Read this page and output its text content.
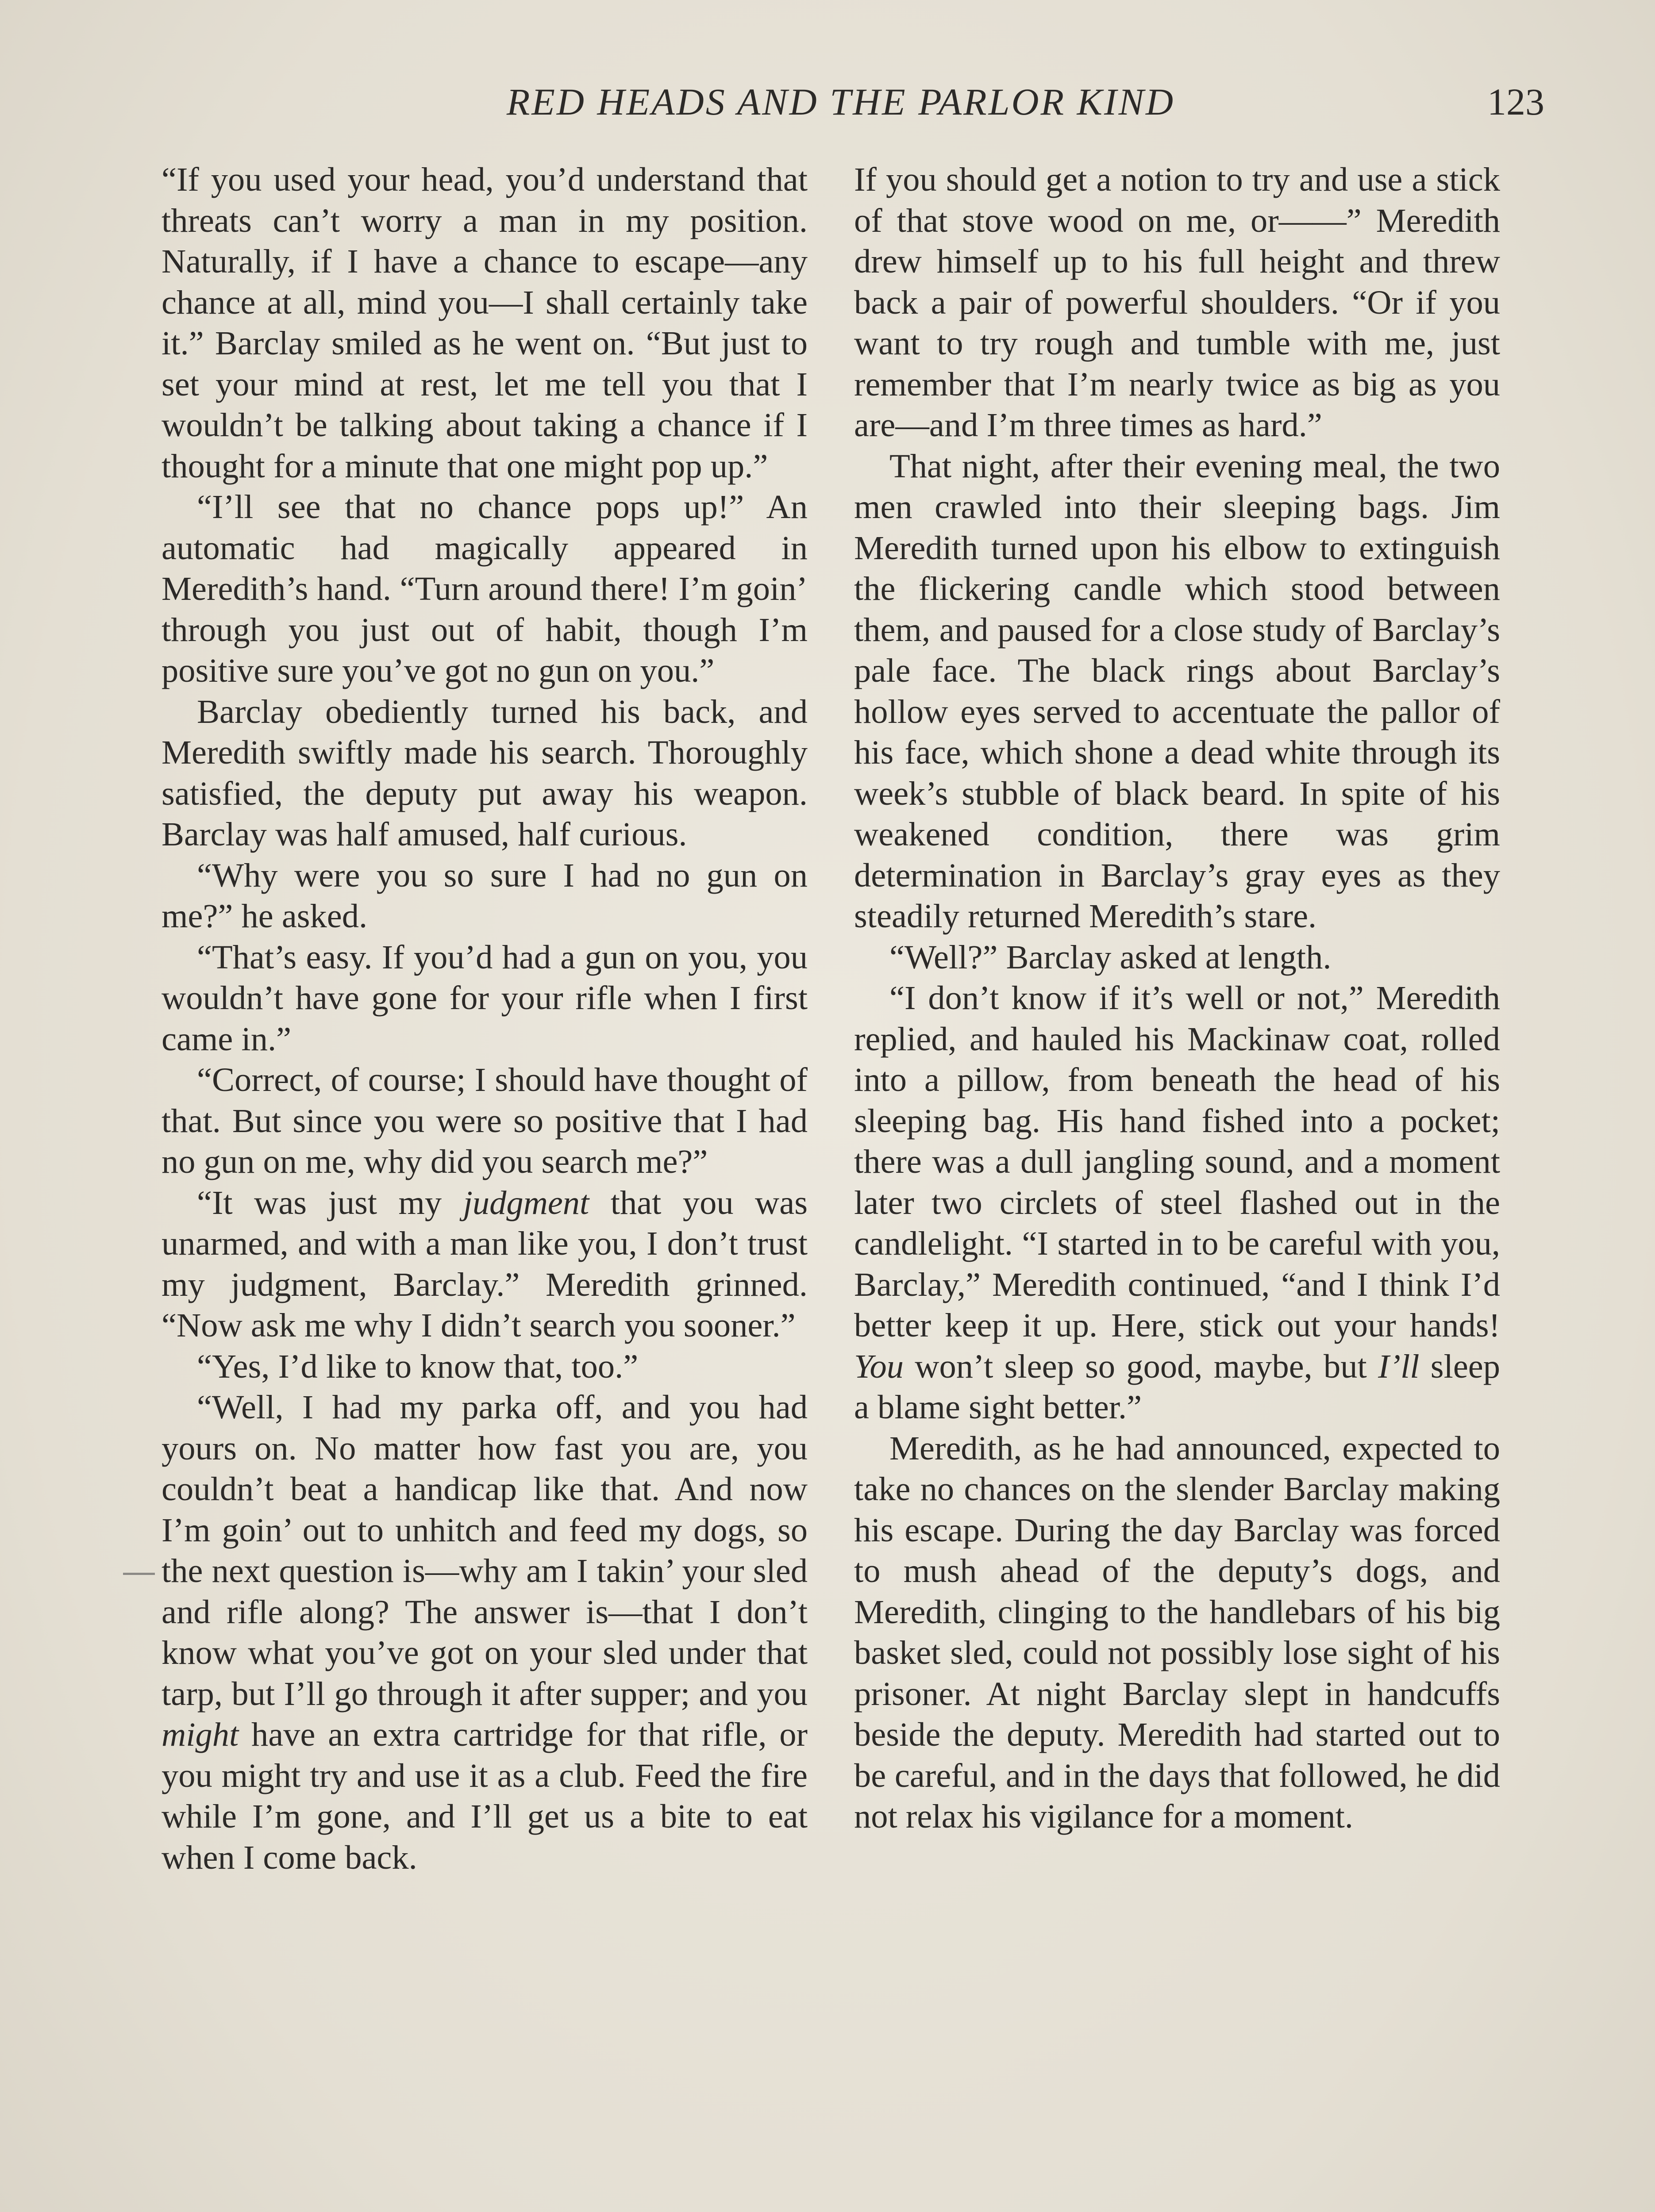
RED HEADS AND THE PARLOR KIND	123

“If you used your head, you’d understand that threats can’t worry a man in my position. Naturally, if I have a chance to escape—any chance at all, mind you—I shall certainly take it.” Barclay smiled as he went on. “But just to set your mind at rest, let me tell you that I wouldn’t be talking about taking a chance if I thought for a minute that one might pop up.”

“I’ll see that no chance pops up!” An automatic had magically appeared in Meredith’s hand. “Turn around there! I’m goin’ through you just out of habit, though I’m positive sure you’ve got no gun on you.”

Barclay obediently turned his back, and Meredith swiftly made his search. Thoroughly satisfied, the deputy put away his weapon. Barclay was half amused, half curious.

“Why were you so sure I had no gun on me?” he asked.

“That’s easy. If you’d had a gun on you, you wouldn’t have gone for your rifle when I first came in.”

“Correct, of course; I should have thought of that. But since you were so positive that I had no gun on me, why did you search me?”

“It was just my judgment that you was unarmed, and with a man like you, I don’t trust my judgment, Barclay.” Meredith grinned. “Now ask me why I didn’t search you sooner.”

“Yes, I’d like to know that, too.”

“Well, I had my parka off, and you had yours on. No matter how fast you are, you couldn’t beat a handicap like that. And now I’m goin’ out to unhitch and feed my dogs, so the next question is—why am I takin’ your sled and rifle along? The answer is—that I don’t know what you’ve got on your sled under that tarp, but I’ll go through it after supper; and you might have an extra cartridge for that rifle, or you might try and use it as a club. Feed the fire while I’m gone, and I’ll get us a bite to eat when I come back.

If you should get a notion to try and use a stick of that stove wood on me, or——” Meredith drew himself up to his full height and threw back a pair of powerful shoulders. “Or if you want to try rough and tumble with me, just remember that I’m nearly twice as big as you are—and I’m three times as hard.”

That night, after their evening meal, the two men crawled into their sleeping bags. Jim Meredith turned upon his elbow to extinguish the flickering candle which stood between them, and paused for a close study of Barclay’s pale face. The black rings about Barclay’s hollow eyes served to accentuate the pallor of his face, which shone a dead white through its week’s stubble of black beard. In spite of his weakened condition, there was grim determination in Barclay’s gray eyes as they steadily returned Meredith’s stare.

“Well?” Barclay asked at length.

“I don’t know if it’s well or not,” Meredith replied, and hauled his Mackinaw coat, rolled into a pillow, from beneath the head of his sleeping bag. His hand fished into a pocket; there was a dull jangling sound, and a moment later two circlets of steel flashed out in the candlelight. “I started in to be careful with you, Barclay,” Meredith continued, “and I think I’d better keep it up. Here, stick out your hands! You won’t sleep so good, maybe, but I’ll sleep a blame sight better.”

Meredith, as he had announced, expected to take no chances on the slender Barclay making his escape. During the day Barclay was forced to mush ahead of the deputy’s dogs, and Meredith, clinging to the handlebars of his big basket sled, could not possibly lose sight of his prisoner. At night Barclay slept in handcuffs beside the deputy. Meredith had started out to be careful, and in the days that followed, he did not relax his vigilance for a moment.
